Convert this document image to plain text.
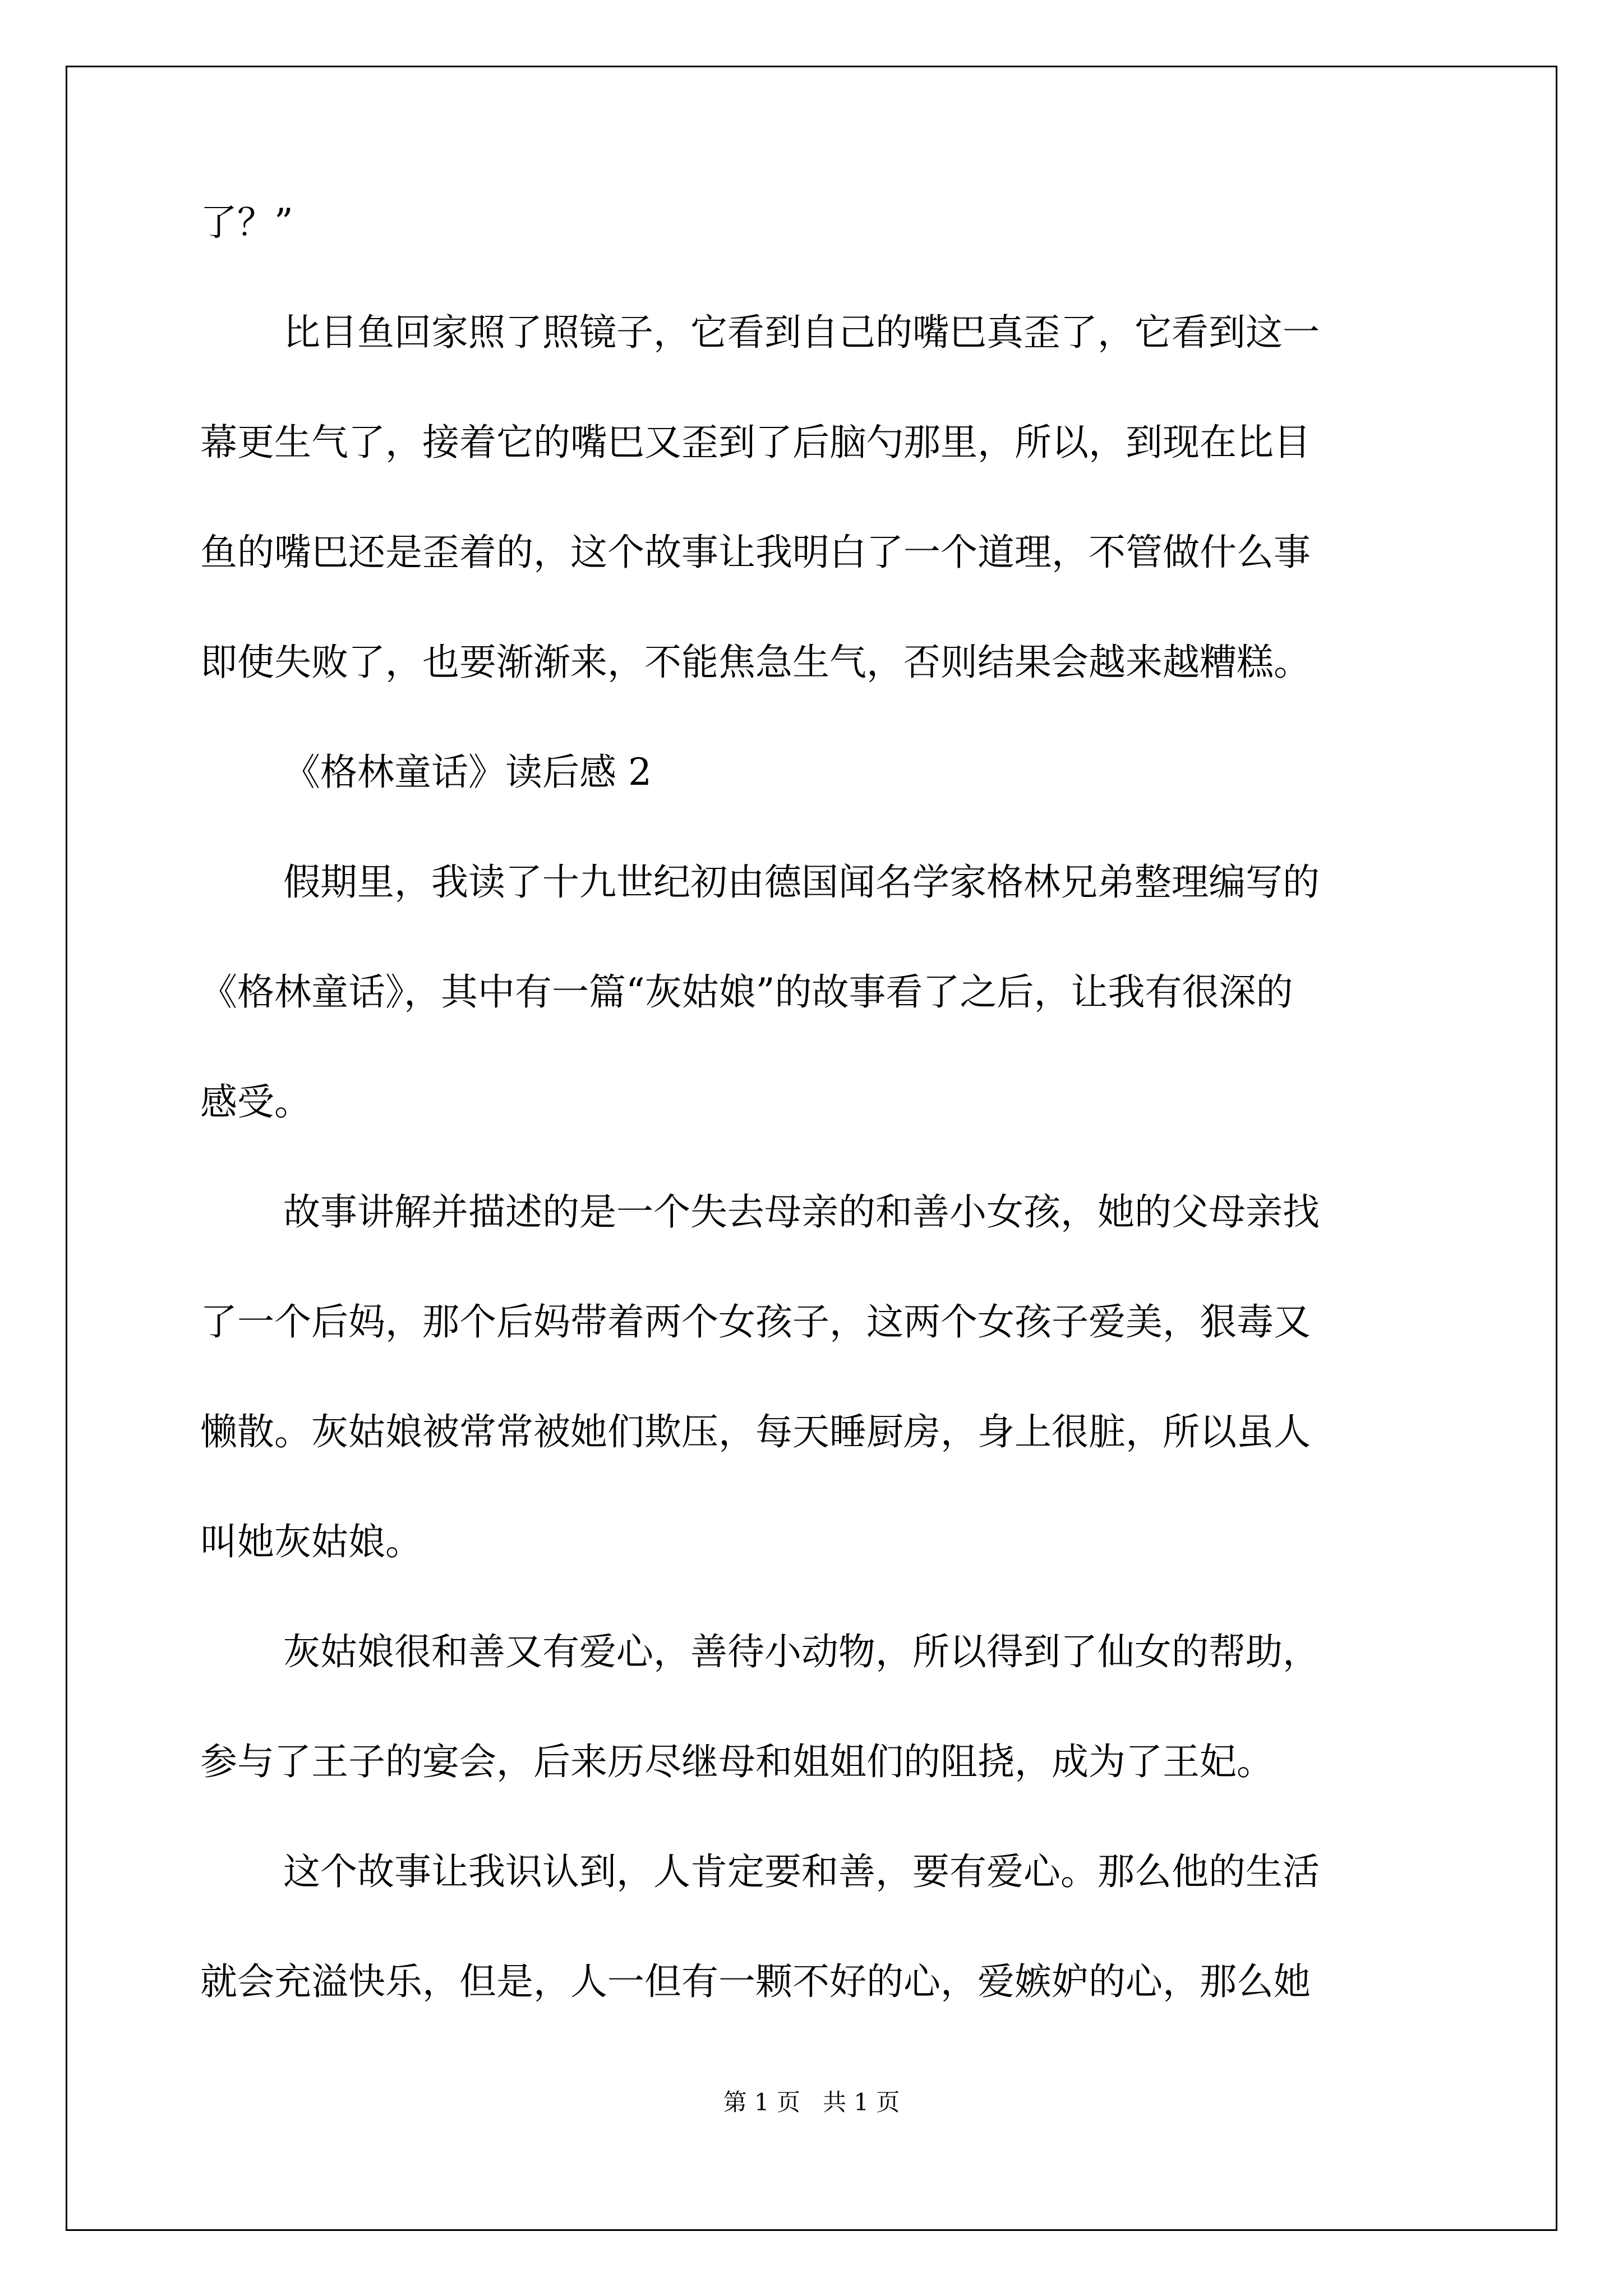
了？”
比目鱼回家照了照镜子，它看到自己的嘴巴真歪了，它看到这一
幕更生气了，接着它的嘴巴又歪到了后脑勺那里，所以，到现在比目
鱼的嘴巴还是歪着的，这个故事让我明白了一个道理，不管做什么事
即使失败了，也要渐渐来，不能焦急生气，否则结果会越来越糟糕。
《格林童话》读后感 2
假期里，我读了十九世纪初由德国闻名学家格林兄弟整理编写的
《格林童话》，其中有一篇“灰姑娘”的故事看了之后，让我有很深的
感受。
故事讲解并描述的是一个失去母亲的和善小女孩，她的父母亲找
了一个后妈，那个后妈带着两个女孩子，这两个女孩子爱美，狠毒又
懒散。灰姑娘被常常被她们欺压，每天睡厨房，身上很脏，所以虽人
叫她灰姑娘。
灰姑娘很和善又有爱心，善待小动物，所以得到了仙女的帮助，
参与了王子的宴会，后来历尽继母和姐姐们的阻挠，成为了王妃。
这个故事让我识认到，人肯定要和善，要有爱心。那么他的生活
就会充溢快乐，但是，人一但有一颗不好的心，爱嫉妒的心，那么她
第 1 页 共 1 页
